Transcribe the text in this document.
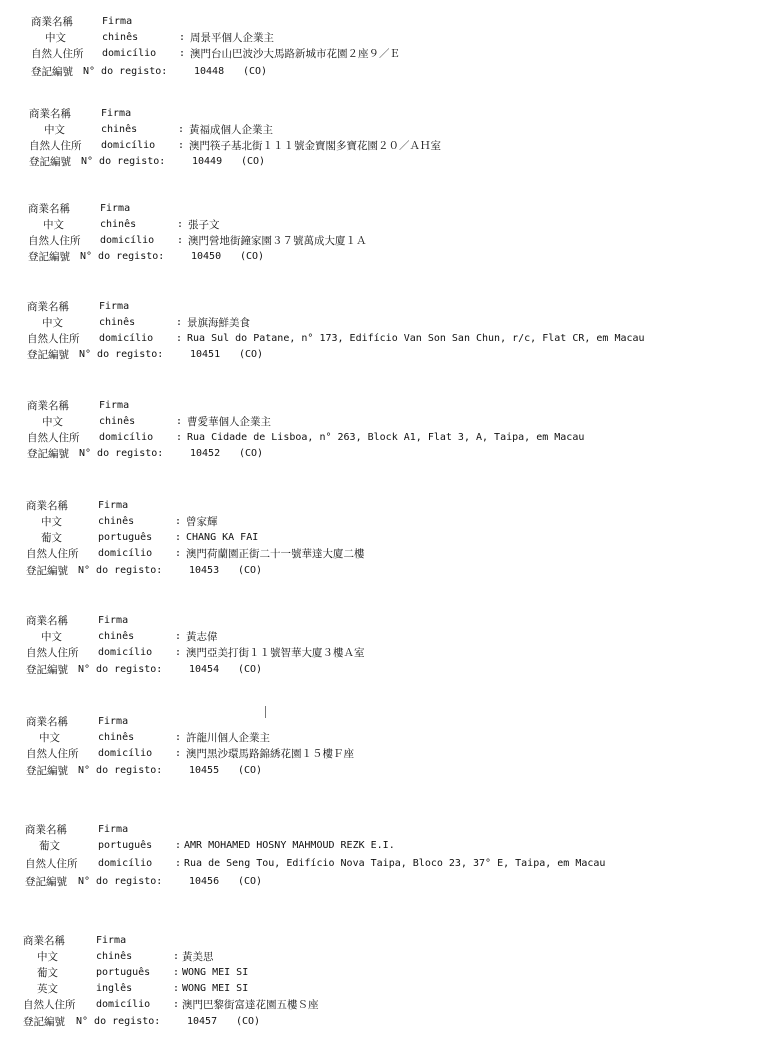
商業名稱	Firma
中文	chinês	: 周景平個人企業主
自然人住所 domicílio : 澳門台山巴波沙大馬路新城市花園２座９／Ｅ
登記編號 N° do registo:	10448 (CO)
商業名稱	Firma
中文	chinês	: 黃福成個人企業主
自然人住所 domicílio : 澳門筷子基北街１１１號金寶閣多寶花園２０／ＡＨ室
登記編號 N° do registo:	10449 (CO)
商業名稱	Firma
中文	chinês	: 張子文
自然人住所 domicílio : 澳門營地街鐘家園３７號萬成大廈１Ａ
登記編號 N° do registo:	10450 (CO)
商業名稱	Firma
中文	chinês	: 景旗海鮮美食
自然人住所 domicílio : Rua Sul do Patane, n° 173, Edifício Van Son San Chun, r/c, Flat CR, em Macau
登記編號 N° do registo:	10451 (CO)
商業名稱	Firma
中文	chinês	: 曹愛華個人企業主
自然人住所 domicílio : Rua Cidade de Lisboa, n° 263, Block A1, Flat 3, A, Taipa, em Macau
登記編號 N° do registo:	10452 (CO)
商業名稱	Firma
中文	chinês	: 曾家輝
葡文	português : CHANG KA FAI
自然人住所 domicílio : 澳門荷蘭園正街二十一號華達大廈二樓
登記編號 N° do registo:	10453 (CO)
商業名稱	Firma
中文	chinês	: 黃志偉
自然人住所 domicílio : 澳門亞美打街１１號智華大廈３樓Ａ室
登記編號 N° do registo:	10454 (CO)
商業名稱	Firma
中文	chinês	: 許龍川個人企業主
自然人住所 domicílio : 澳門黑沙環馬路錦綉花園１５樓Ｆ座
登記編號 N° do registo:	10455 (CO)
商業名稱	Firma
葡文	português : AMR MOHAMED HOSNY MAHMOUD REZK E.I.
自然人住所 domicílio : Rua de Seng Tou, Edifício Nova Taipa, Bloco 23, 37° E, Taipa, em Macau
登記編號 N° do registo:	10456 (CO)
商業名稱	Firma
中文	chinês	: 黃美思
葡文	português : WONG MEI SI
英文	inglês	: WONG MEI SI
自然人住所 domicílio : 澳門巴黎街富達花園五樓Ｓ座
登記編號 N° do registo:	10457 (CO)
